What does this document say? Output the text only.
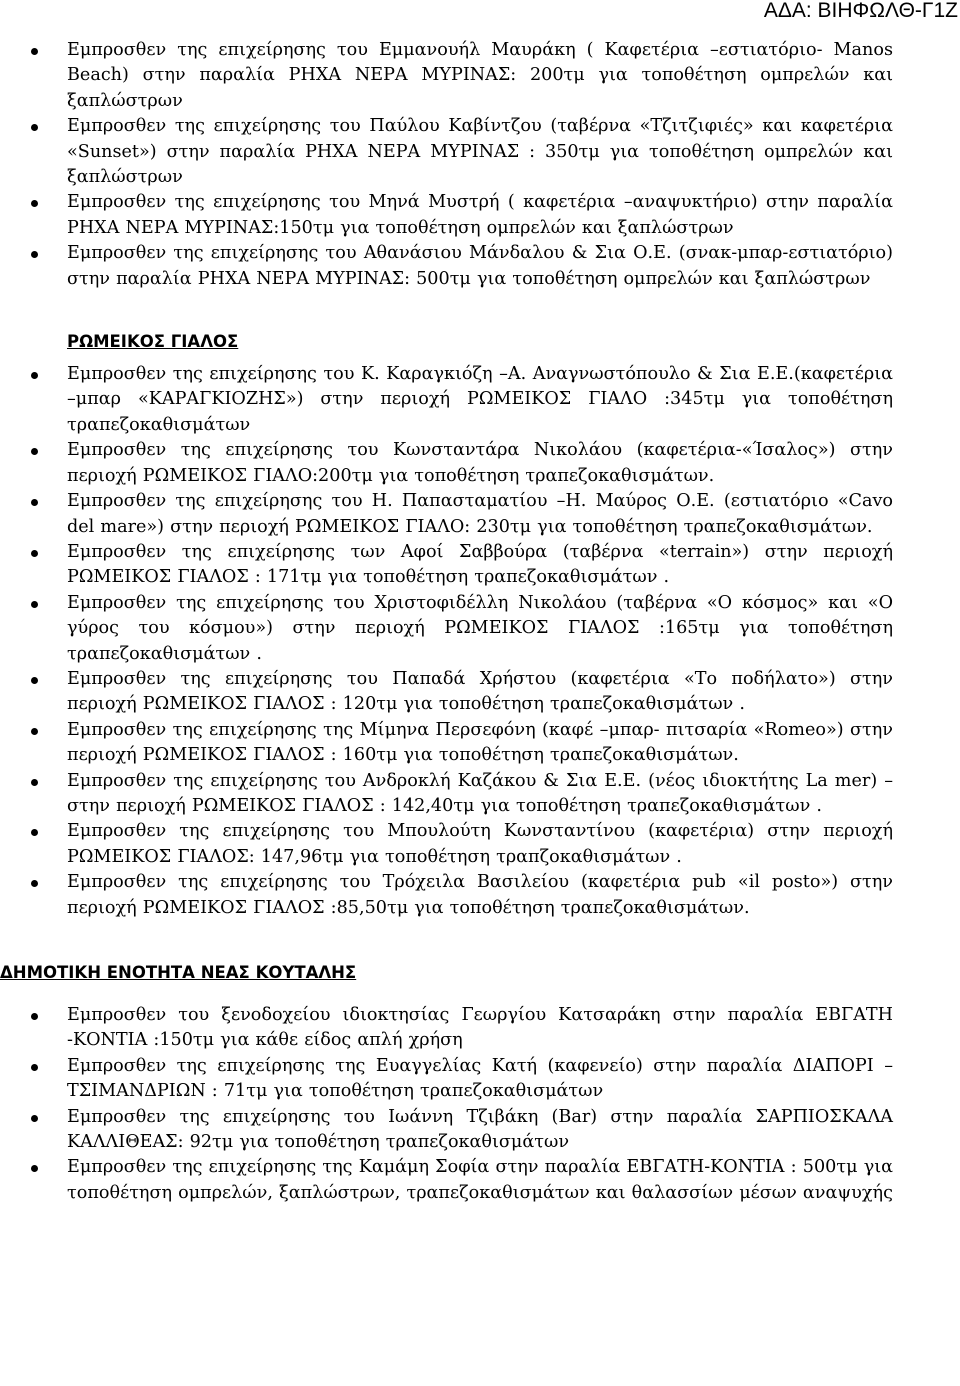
ΑΔΑ: ΒΙΗΦΩΛΘ-Γ1Ζ
Εμπροσθεν της επιχείρησης του Εμμανουήλ Μαυράκη ( Καφετέρια –εστιατόριο- Manos Beach) στην παραλία ΡΗΧΑ ΝΕΡΑ ΜΥΡΙΝΑΣ: 200τμ για τοποθέτηση ομπρελών και ξαπλώστρων
Εμπροσθεν της επιχείρησης του Παύλου Καβίντζου (ταβέρνα «Τζιτζιφιές» και καφετέρια «Sunset») στην παραλία ΡΗΧΑ ΝΕΡΑ ΜΥΡΙΝΑΣ : 350τμ για τοποθέτηση ομπρελών και ξαπλώστρων
Εμπροσθεν της επιχείρησης του Μηνά Μυστρή ( καφετέρια –αναψυκτήριο) στην παραλία ΡΗΧΑ ΝΕΡΑ ΜΥΡΙΝΑΣ:150τμ για τοποθέτηση ομπρελών και ξαπλώστρων
Εμπροσθεν της επιχείρησης του Αθανάσιου Μάνδαλου & Σια Ο.Ε. (σνακ-μπαρ-εστιατόριο) στην παραλία ΡΗΧΑ ΝΕΡΑ ΜΥΡΙΝΑΣ: 500τμ για τοποθέτηση ομπρελών και ξαπλώστρων
ΡΩΜΕΙΚΟΣ ΓΙΑΛΟΣ
Εμπροσθεν της επιχείρησης του Κ. Καραγκιόζη –Α. Αναγνωστόπουλο & Σια Ε.Ε.(καφετέρια –μπαρ «ΚΑΡΑΓΚΙΟΖΗΣ») στην περιοχή ΡΩΜΕΙΚΟΣ ΓΙΑΛΟ :345τμ για τοποθέτηση τραπεζοκαθισμάτων
Εμπροσθεν της επιχείρησης του Κωνσταντάρα Νικολάου (καφετέρια-«Ίσαλος») στην περιοχή ΡΩΜΕΙΚΟΣ ΓΙΑΛΟ:200τμ για τοποθέτηση τραπεζοκαθισμάτων.
Εμπροσθεν της επιχείρησης του Η. Παπασταματίου –Η. Μαύρος Ο.Ε. (εστιατόριο «Cavo del mare») στην περιοχή ΡΩΜΕΙΚΟΣ ΓΙΑΛΟ: 230τμ για τοποθέτηση τραπεζοκαθισμάτων.
Εμπροσθεν της επιχείρησης των Αφοί Σαββούρα (ταβέρνα «terrain») στην περιοχή ΡΩΜΕΙΚΟΣ ΓΙΑΛΟΣ : 171τμ για τοποθέτηση τραπεζοκαθισμάτων .
Εμπροσθεν της επιχείρησης του Χριστοφιδέλλη Νικολάου (ταβέρνα «Ο κόσμος» και «Ο γύρος του κόσμου») στην περιοχή ΡΩΜΕΙΚΟΣ ΓΙΑΛΟΣ :165τμ για τοποθέτηση τραπεζοκαθισμάτων .
Εμπροσθεν της επιχείρησης του Παπαδά Χρήστου (καφετέρια «Το ποδήλατο») στην περιοχή ΡΩΜΕΙΚΟΣ ΓΙΑΛΟΣ : 120τμ για τοποθέτηση τραπεζοκαθισμάτων .
Εμπροσθεν της επιχείρησης της Μίμηνα Περσεφόνη (καφέ –μπαρ- πιτσαρία «Romeo») στην περιοχή ΡΩΜΕΙΚΟΣ ΓΙΑΛΟΣ : 160τμ για τοποθέτηση τραπεζοκαθισμάτων.
Εμπροσθεν της επιχείρησης του Ανδροκλή Καζάκου & Σια Ε.Ε. (νέος ιδιοκτήτης La mer) – στην περιοχή ΡΩΜΕΙΚΟΣ ΓΙΑΛΟΣ : 142,40τμ για τοποθέτηση τραπεζοκαθισμάτων .
Εμπροσθεν της επιχείρησης του Μπουλούτη Κωνσταντίνου (καφετέρια) στην περιοχή ΡΩΜΕΙΚΟΣ ΓΙΑΛΟΣ: 147,96τμ για τοποθέτηση τραπζοκαθισμάτων .
Εμπροσθεν της επιχείρησης του Τρόχειλα Βασιλείου (καφετέρια pub «il posto») στην περιοχή ΡΩΜΕΙΚΟΣ ΓΙΑΛΟΣ :85,50τμ για τοποθέτηση τραπεζοκαθισμάτων.
ΔΗΜΟΤΙΚΗ ΕΝΟΤΗΤΑ ΝΕΑΣ ΚΟΥΤΑΛΗΣ
Εμπροσθεν του ξενοδοχείου ιδιοκτησίας Γεωργίου Κατσαράκη στην παραλία ΕΒΓΑΤΗ -ΚΟΝΤΙΑ :150τμ για κάθε είδος απλή χρήση
Εμπροσθεν της επιχείρησης της Ευαγγελίας Κατή (καφενείο) στην παραλία ΔΙΑΠΟΡΙ –ΤΣΙΜΑΝΔΡΙΩΝ : 71τμ για τοποθέτηση τραπεζοκαθισμάτων
Εμπροσθεν της επιχείρησης του Ιωάννη Τζιβάκη (Bar) στην παραλία ΣΑΡΠΙΟΣΚΑΛΑ ΚΑΛΛΙΘΕΑΣ: 92τμ για τοποθέτηση τραπεζοκαθισμάτων
Εμπροσθεν της επιχείρησης της Καμάμη Σοφία στην παραλία ΕΒΓΑΤΗ-ΚΟΝΤΙΑ : 500τμ για τοποθέτηση ομπρελών, ξαπλώστρων, τραπεζοκαθισμάτων και θαλασσίων μέσων αναψυχής
